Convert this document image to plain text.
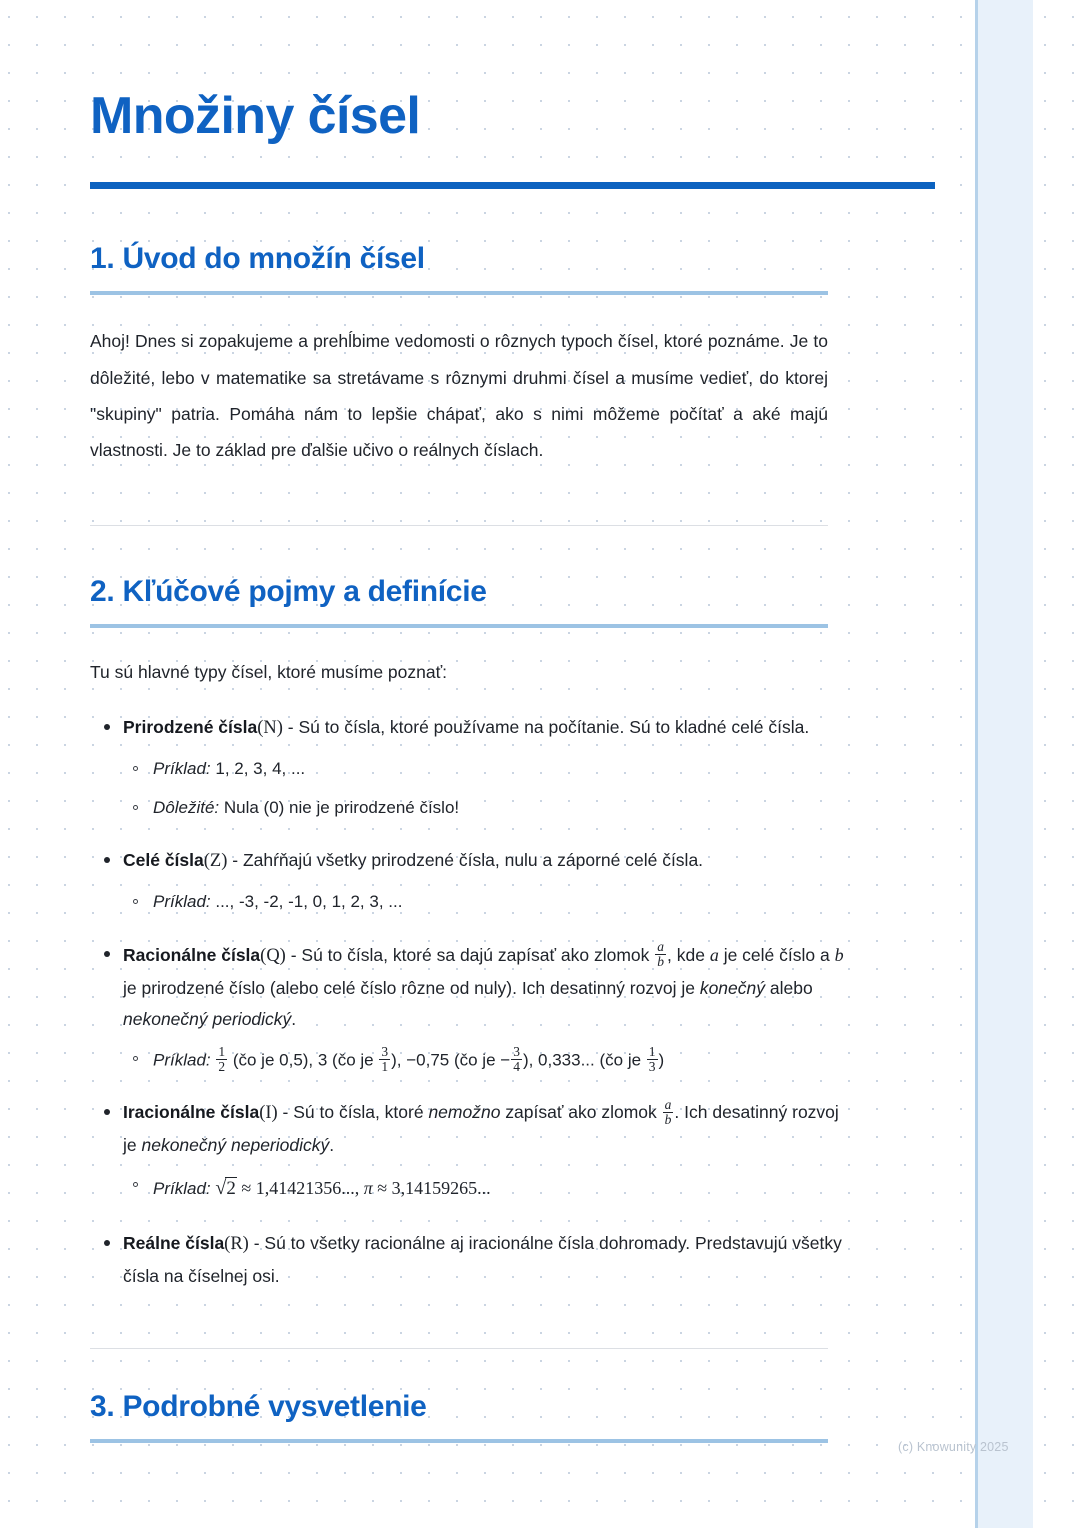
Množiny čísel
1. Úvod do množín čísel

Ahoj! Dnes si zopakujeme a prehĺbime vedomosti o rôznych typoch čísel, ktoré poznáme. Je to dôležité, lebo v matematike sa stretávame s rôznymi druhmi čísel a musíme vedieť, do ktorej "skupiny" patria. Pomáha nám to lepšie chápať, ako s nimi môžeme počítať a aké majú vlastnosti. Je to základ pre ďalšie učivo o reálnych číslach.

2. Kľúčové pojmy a definície

Tu sú hlavné typy čísel, ktoré musíme poznať:

Prirodzené čísla(N) - Sú to čísla, ktoré používame na počítanie. Sú to kladné celé čísla.
Príklad: 1, 2, 3, 4, ...
Dôležité: Nula (0) nie je prirodzené číslo!
Celé čísla(Z) - Zahŕňajú všetky prirodzené čísla, nulu a záporné celé čísla.
Príklad: ..., -3, -2, -1, 0, 1, 2, 3, ...
Racionálne čísla(Q) - Sú to čísla, ktoré sa dajú zapísať ako zlomok $\frac{a}{b}$ , kde a je celé číslo a b je prirodzené číslo (alebo celé číslo rôzne od nuly). Ich desatinný rozvoj je konečný alebo nekonečný periodický.
Príklad: $\frac{1}{2}$ (čo je 0,5), 3 (čo je $\frac{3}{1}$ ), −0,75 (čo je − $\frac{3}{4}$ ), 0,333... (čo je $\frac{1}{3}$ )
Iracionálne čísla(I) - Sú to čísla, ktoré nemožno zapísať ako zlomok $\frac{a}{b}$ . Ich desatinný rozvoj je nekonečný neperiodický.
Príklad: √2 ≈ 1,41421356..., π ≈ 3,14159265...
Reálne čísla(R) - Sú to všetky racionálne aj iracionálne čísla dohromady. Predstavujú všetky čísla na číselnej osi.
3. Podrobné vysvetlenie
(c) Knowunity 2025
